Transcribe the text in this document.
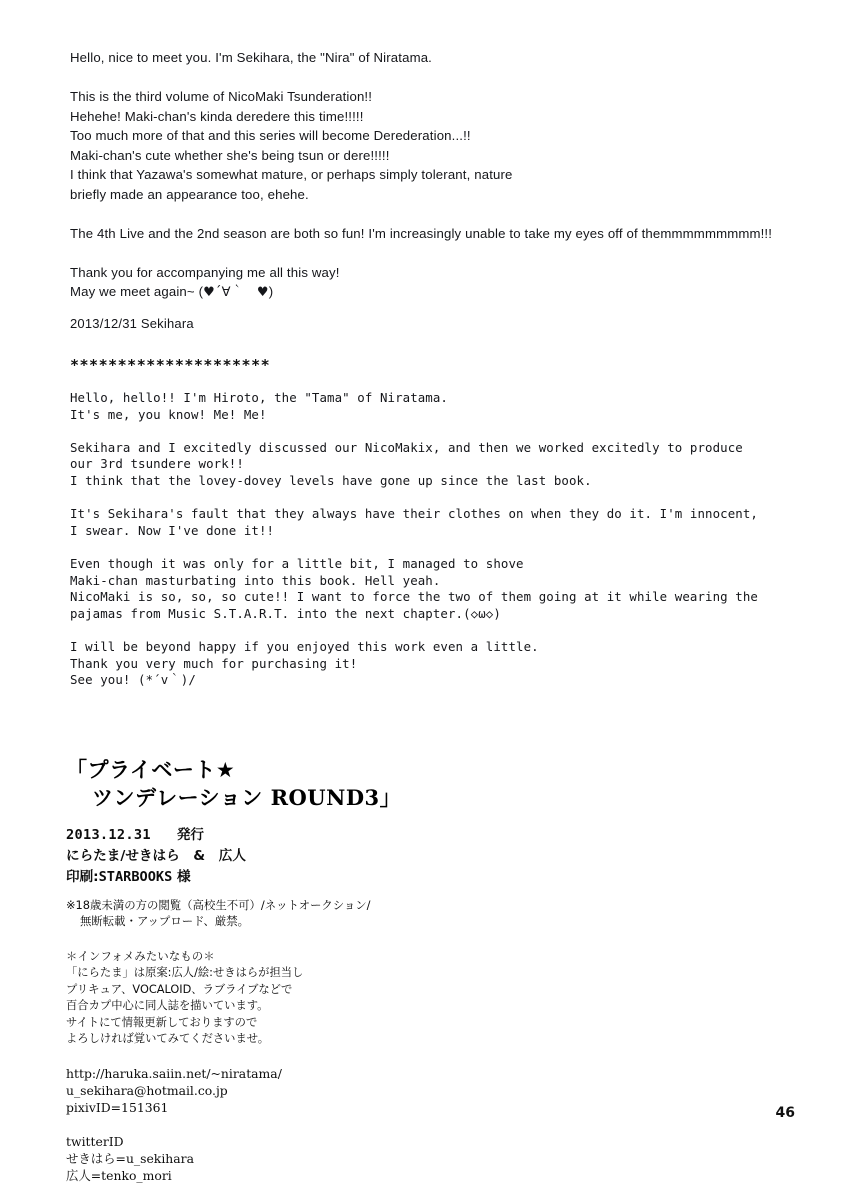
Hello, nice to meet you. I'm Sekihara, the "Nira" of Niratama.

This is the third volume of NicoMaki Tsunderation!!

Hehehe! Maki-chan's kinda deredere this time!!!!!

Too much more of that and this series will become Derederation...!!

Maki-chan's cute whether she's being tsun or dere!!!!!

I think that Yazawa's somewhat mature, or perhaps simply tolerant, nature

briefly made an appearance too, ehehe.

The 4th Live and the 2nd season are both so fun! I'm increasingly unable to take my eyes off of themmmmmmmmm!!!

Thank you for accompanying me all this way!

May we meet again~ (♥´∀｀　♥)

2013/12/31 Sekihara

*********************

Hello, hello!! I'm Hiroto, the "Tama" of Niratama.

It's me, you know! Me! Me!

Sekihara and I excitedly discussed our NicoMakix, and then we worked excitedly to produce

our 3rd tsundere work!!

I think that the lovey-dovey levels have gone up since the last book.

It's Sekihara's fault that they always have their clothes on when they do it. I'm innocent,

I swear. Now I've done it!!

Even though it was only for a little bit, I managed to shove

Maki-chan masturbating into this book. Hell yeah.

NicoMaki is so, so, so cute!! I want to force the two of them going at it while wearing the

pajamas from Music S.T.A.R.T. into the next chapter.(◇ω◇)

I will be beyond happy if you enjoyed this work even a little.

Thank you very much for purchasing it!

See you! (*´v｀)/

「プライベート★
ツンデレーション ROUND3」
2013.12.31 発行
にらたま/せきはら　&　広人
印刷:STARBOOKS 様
※18歳未満の方の閲覧（高校生不可）/ネットオークション/
無断転載・アップロード、厳禁。
＊インフォメみたいなもの＊
「にらたま」は原案:広人/絵:せきはらが担当し
プリキュア、VOCALOID、ラブライブなどで
百合カプ中心に同人誌を描いています。
サイトにて情報更新しておりますので
よろしければ覚いてみてくださいませ。
http://haruka.saiin.net/~niratama/
u_sekihara@hotmail.co.jp
pixivID=151361
twitterID
せきはら=u_sekihara
広人=tenko_mori
46
